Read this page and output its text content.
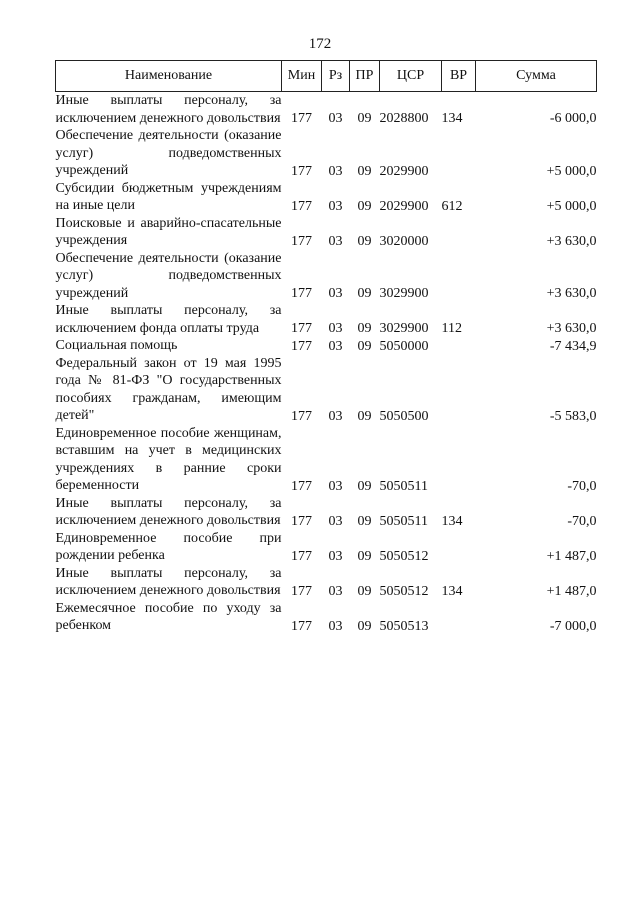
172
Наименование	Мин	Рз	ПР	ЦСР	ВР	Сумма
Иные выплаты персоналу, за исключением денежного довольствия	177	03	09	2028800	134	-6 000,0
Обеспечение деятельности (оказание услуг) подведомственных учреждений	177	03	09	2029900		+5 000,0
Субсидии бюджетным учреждениям на иные цели	177	03	09	2029900	612	+5 000,0
Поисковые и аварийно-спасательные учреждения	177	03	09	3020000		+3 630,0
Обеспечение деятельности (оказание услуг) подведомственных учреждений	177	03	09	3029900		+3 630,0
Иные выплаты персоналу, за исключением фонда оплаты труда	177	03	09	3029900	112	+3 630,0
Социальная помощь	177	03	09	5050000		-7 434,9
Федеральный закон от 19 мая 1995 года № 81-ФЗ "О государственных пособиях гражданам, имеющим детей"	177	03	09	5050500		-5 583,0
Единовременное пособие женщинам, вставшим на учет в медицинских учреждениях в ранние сроки беременности	177	03	09	5050511		-70,0
Иные выплаты персоналу, за исключением денежного довольствия	177	03	09	5050511	134	-70,0
Единовременное пособие при рождении ребенка	177	03	09	5050512		+1 487,0
Иные выплаты персоналу, за исключением денежного довольствия	177	03	09	5050512	134	+1 487,0
Ежемесячное пособие по уходу за ребенком	177	03	09	5050513		-7 000,0
